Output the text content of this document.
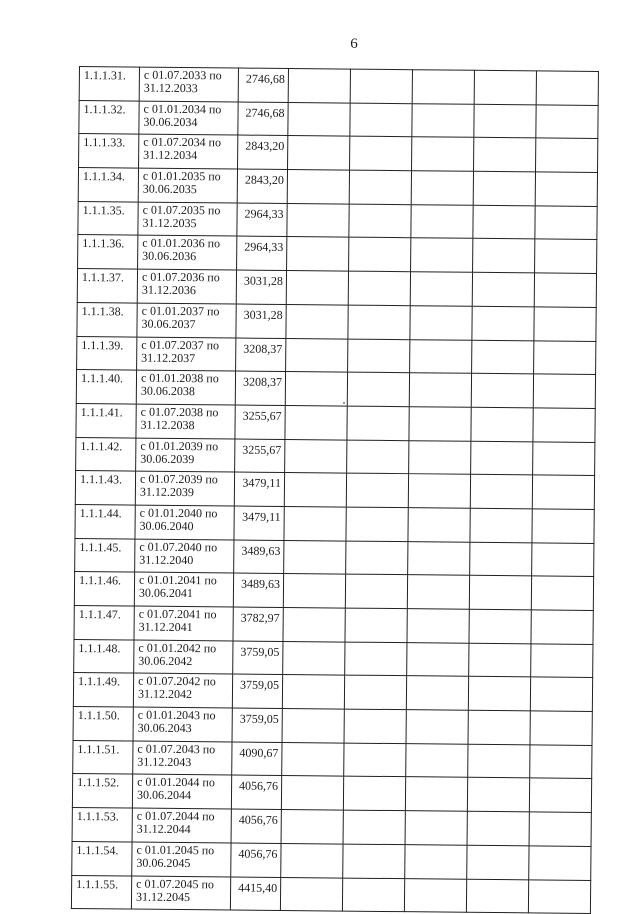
6
1.1.1.31.	с 01.07.2033 по 31.12.2033	2746,68					
1.1.1.32.	с 01.01.2034 по 30.06.2034	2746,68					
1.1.1.33.	с 01.07.2034 по 31.12.2034	2843,20					
1.1.1.34.	с 01.01.2035 по 30.06.2035	2843,20					
1.1.1.35.	с 01.07.2035 по 31.12.2035	2964,33					
1.1.1.36.	с 01.01.2036 по 30.06.2036	2964,33					
1.1.1.37.	с 01.07.2036 по 31.12.2036	3031,28					
1.1.1.38.	с 01.01.2037 по 30.06.2037	3031,28					
1.1.1.39.	с 01.07.2037 по 31.12.2037	3208,37					
1.1.1.40.	с 01.01.2038 по 30.06.2038	3208,37					
1.1.1.41.	с 01.07.2038 по 31.12.2038	3255,67					
1.1.1.42.	с 01.01.2039 по 30.06.2039	3255,67					
1.1.1.43.	с 01.07.2039 по 31.12.2039	3479,11					
1.1.1.44.	с 01.01.2040 по 30.06.2040	3479,11					
1.1.1.45.	с 01.07.2040 по 31.12.2040	3489,63					
1.1.1.46.	с 01.01.2041 по 30.06.2041	3489,63					
1.1.1.47.	с 01.07.2041 по 31.12.2041	3782,97					
1.1.1.48.	с 01.01.2042 по 30.06.2042	3759,05					
1.1.1.49.	с 01.07.2042 по 31.12.2042	3759,05					
1.1.1.50.	с 01.01.2043 по 30.06.2043	3759,05					
1.1.1.51.	с 01.07.2043 по 31.12.2043	4090,67					
1.1.1.52.	с 01.01.2044 по 30.06.2044	4056,76					
1.1.1.53.	с 01.07.2044 по 31.12.2044	4056,76					
1.1.1.54.	с 01.01.2045 по 30.06.2045	4056,76					
1.1.1.55.	с 01.07.2045 по 31.12.2045	4415,40					
